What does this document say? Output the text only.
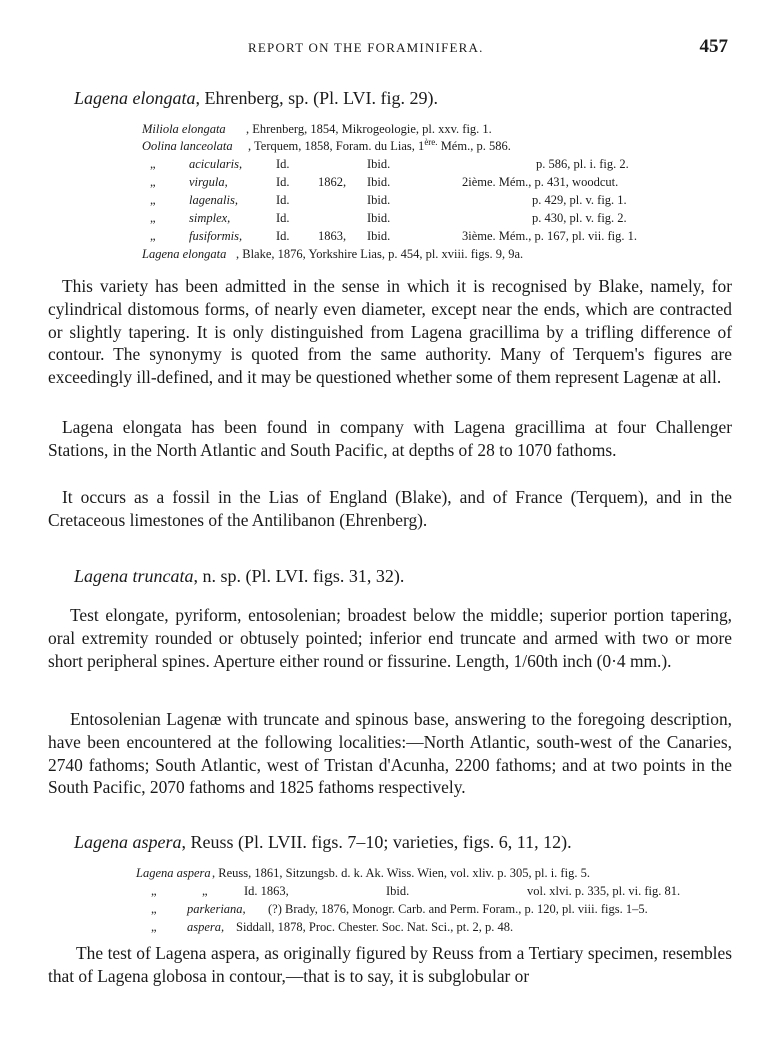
REPORT ON THE FORAMINIFERA.	457
Lagena elongata, Ehrenberg, sp. (Pl. LVI. fig. 29).
Miliola elongata , Ehrenberg, 1854, Mikrogeologie, pl. xxv. fig. 1.
Oolina lanceolata , Terquem, 1858, Foram. du Lias, $1^{ère.}$ Mém., p. 586.
„	acicularis,	Id.	Ibid.	p. 586, pl. i. fig. 2.
„	virgula,	Id. 1862, Ibid.	2ième. Mém., p. 431, woodcut.
„	lagenalis,	Id.	Ibid.	p. 429, pl. v. fig. 1.
„	simplex,	Id.	Ibid.	p. 430, pl. v. fig. 2.
„	fusiformis,	Id. 1863, Ibid.	3ième. Mém., p. 167, pl. vii. fig. 1.
Lagena elongata , Blake, 1876, Yorkshire Lias, p. 454, pl. xviii. figs. 9, 9a.
This variety has been admitted in the sense in which it is recognised by Blake, namely, for cylindrical distomous forms, of nearly even diameter, except near the ends, which are contracted or slightly tapering. It is only distinguished from Lagena gracillima by a trifling difference of contour. The synonymy is quoted from the same authority. Many of Terquem's figures are exceedingly ill-defined, and it may be questioned whether some of them represent Lagenæ at all.
Lagena elongata has been found in company with Lagena gracillima at four Challenger Stations, in the North Atlantic and South Pacific, at depths of 28 to 1070 fathoms.
It occurs as a fossil in the Lias of England (Blake), and of France (Terquem), and in the Cretaceous limestones of the Antilibanon (Ehrenberg).
Lagena truncata, n. sp. (Pl. LVI. figs. 31, 32).
Test elongate, pyriform, entosolenian; broadest below the middle; superior portion tapering, oral extremity rounded or obtusely pointed; inferior end truncate and armed with two or more short peripheral spines. Aperture either round or fissurine. Length, 1/60th inch (0·4 mm.).
Entosolenian Lagenæ with truncate and spinous base, answering to the foregoing description, have been encountered at the following localities:—North Atlantic, south-west of the Canaries, 2740 fathoms; South Atlantic, west of Tristan d'Acunha, 2200 fathoms; and at two points in the South Pacific, 2070 fathoms and 1825 fathoms respectively.
Lagena aspera, Reuss (Pl. LVII. figs. 7–10; varieties, figs. 6, 11, 12).
Lagena aspera , Reuss, 1861, Sitzungsb. d. k. Ak. Wiss. Wien, vol. xliv. p. 305, pl. i. fig. 5.
„	„	Id. 1863,	Ibid.	vol. xlvi. p. 335, pl. vi. fig. 81.
„ parkeriana, (?) Brady, 1876, Monogr. Carb. and Perm. Foram., p. 120, pl. viii. figs. 1–5.
„ aspera, Siddall, 1878, Proc. Chester. Soc. Nat. Sci., pt. 2, p. 48.
The test of Lagena aspera, as originally figured by Reuss from a Tertiary specimen, resembles that of Lagena globosa in contour,—that is to say, it is subglobular or
